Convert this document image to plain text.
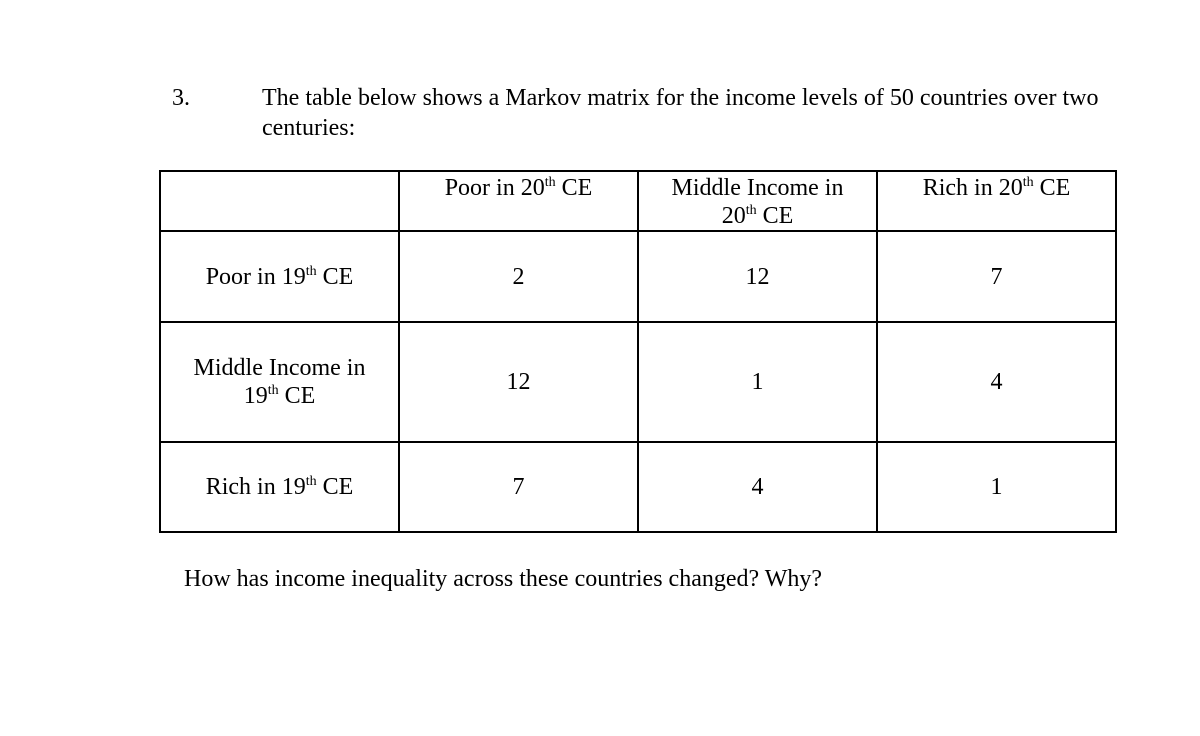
3.	The table below shows a Markov matrix for the income levels of 50 countries over two centuries:
	Poor in 20th CE	Middle Income in 20th CE	Rich in 20th CE
Poor in 19th CE	2	12	7

Middle Income in 19th CE	12	1	4
Rich in 19th CE	7	4	1
How has income inequality across these countries changed? Why?
